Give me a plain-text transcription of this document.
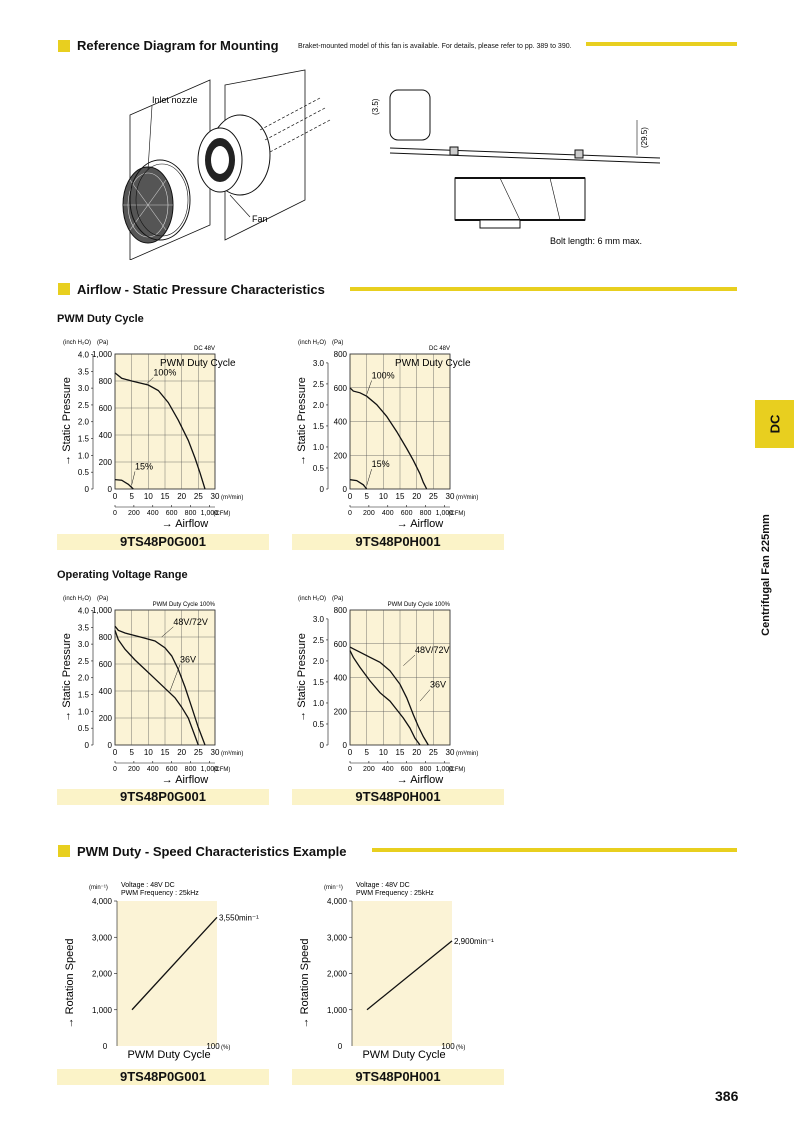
Reference Diagram for Mounting	Braket-mounted model of this fan is available. For details, please refer to pp. 389 to 390.
Inlet nozzle
Fan
(3.5)
(29.5)
Bolt length: 6 mm max.
Airflow - Static Pressure Characteristics
PWM Duty Cycle
Operating Voltage Range
0
200
400
600
800
1,000
0 5 10 15 20 25 30
0
0.5
1.0
1.5
2.0
2.5
3.0
3.5
4.0
0 200 400 600 800 1,000
(inch H₂O) (Pa)
(m³/min)
(CFM)
DC 48V
PWM Duty Cycle
→ Static Pressure
→ Airflow
100%
15%
0
200
400
600
800
0 5 10 15 20 25 30
0
0.5
1.0
1.5
2.0
2.5
3.0
0 200 400 600 800 1,000
(inch H₂O) (Pa)
(m³/min)
(CFM)
DC 48V
PWM Duty Cycle
→ Static Pressure
→ Airflow
100%
15%
9TS48P0G001	9TS48P0H001
0
200
400
600
800
1,000
0 5 10 15 20 25 30
0
0.5
1.0
1.5
2.0
2.5
3.0
3.5
4.0
0 200 400 600 800 1,000
(inch H₂O) (Pa)
(m³/min)
(CFM)
PWM Duty Cycle 100%
→ Static Pressure
→ Airflow
48V/72V
36V
0
200
400
600
800
0 5 10 15 20 25 30
0
0.5
1.0
1.5
2.0
2.5
3.0
0 200 400 600 800 1,000
(inch H₂O) (Pa)
(m³/min)
(CFM)
PWM Duty Cycle 100%
→ Static Pressure
→ Airflow
48V/72V
36V
9TS48P0G001	9TS48P0H001
PWM Duty - Speed Characteristics Example
1,000
2,000
3,000
4,000
0	100 (%)
(min⁻¹) Voltage : 48V DC
PWM Frequency : 25kHz
→ Rotation Speed
PWM Duty Cycle
3,550min⁻¹
1,000
2,000
3,000
4,000
0	100 (%)
(min⁻¹) Voltage : 48V DC
PWM Frequency : 25kHz
→ Rotation Speed
PWM Duty Cycle
2,900min⁻¹
9TS48P0G001	9TS48P0H001
DC
Centrifugal Fan 225mm
386
